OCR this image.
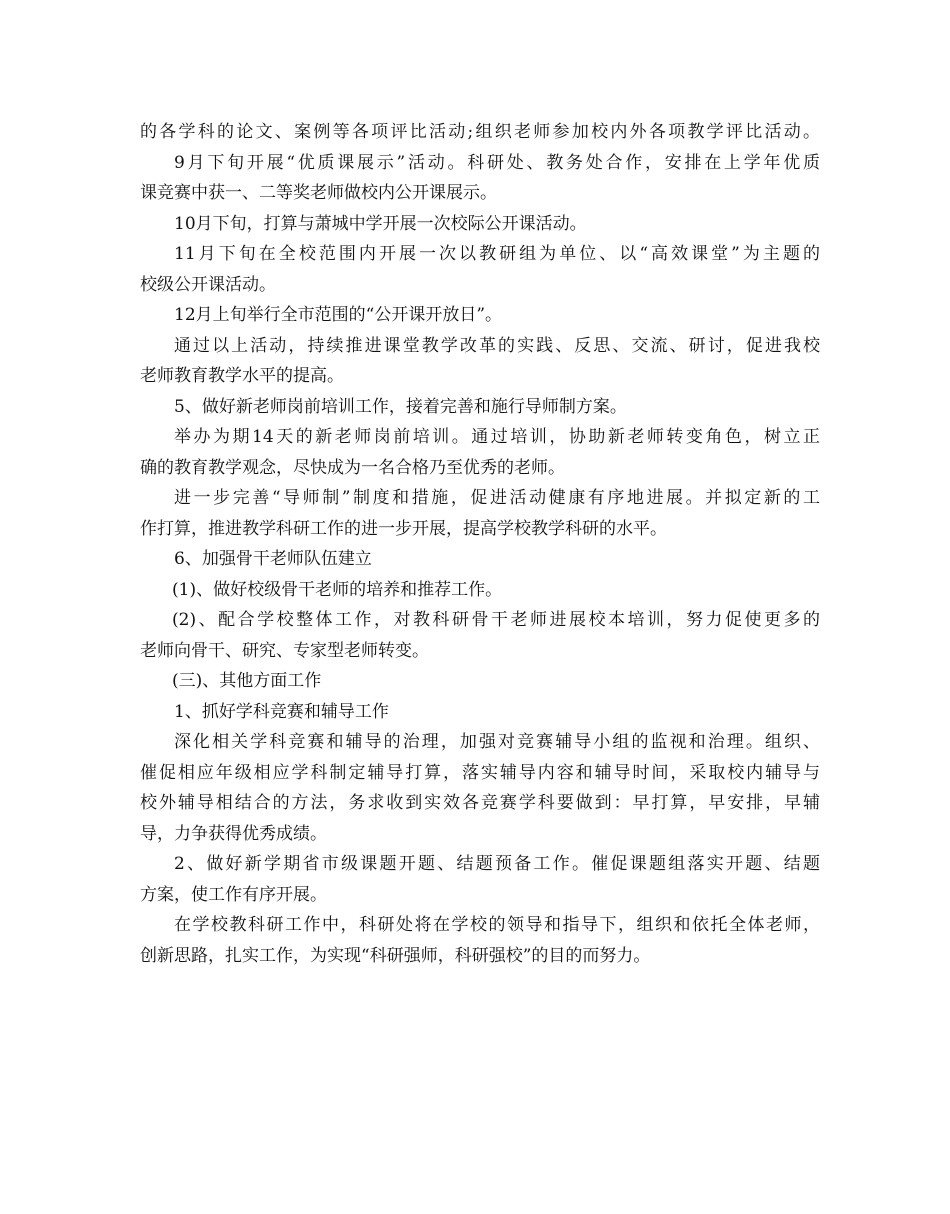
的各学科的论文、案例等各项评比活动;组织老师参加校内外各项教学评比活动。
9月下旬开展“优质课展示”活动。科研处、教务处合作，安排在上学年优质
课竞赛中获一、二等奖老师做校内公开课展示。
10月下旬，打算与萧城中学开展一次校际公开课活动。
11月下旬在全校范围内开展一次以教研组为单位、以“高效课堂”为主题的
校级公开课活动。
12月上旬举行全市范围的“公开课开放日”。
通过以上活动，持续推进课堂教学改革的实践、反思、交流、研讨，促进我校
老师教育教学水平的提高。
5、做好新老师岗前培训工作，接着完善和施行导师制方案。
举办为期14天的新老师岗前培训。通过培训，协助新老师转变角色，树立正
确的教育教学观念，尽快成为一名合格乃至优秀的老师。
进一步完善“导师制”制度和措施，促进活动健康有序地进展。并拟定新的工
作打算，推进教学科研工作的进一步开展，提高学校教学科研的水平。
6、加强骨干老师队伍建立
(1)、做好校级骨干老师的培养和推荐工作。
(2)、配合学校整体工作，对教科研骨干老师进展校本培训，努力促使更多的
老师向骨干、研究、专家型老师转变。
(三)、其他方面工作
1、抓好学科竞赛和辅导工作
深化相关学科竞赛和辅导的治理，加强对竞赛辅导小组的监视和治理。组织、
催促相应年级相应学科制定辅导打算，落实辅导内容和辅导时间，采取校内辅导与
校外辅导相结合的方法，务求收到实效各竞赛学科要做到：早打算，早安排，早辅
导，力争获得优秀成绩。
2、做好新学期省市级课题开题、结题预备工作。催促课题组落实开题、结题
方案，使工作有序开展。
在学校教科研工作中，科研处将在学校的领导和指导下，组织和依托全体老师，
创新思路，扎实工作，为实现“科研强师，科研强校”的目的而努力。
